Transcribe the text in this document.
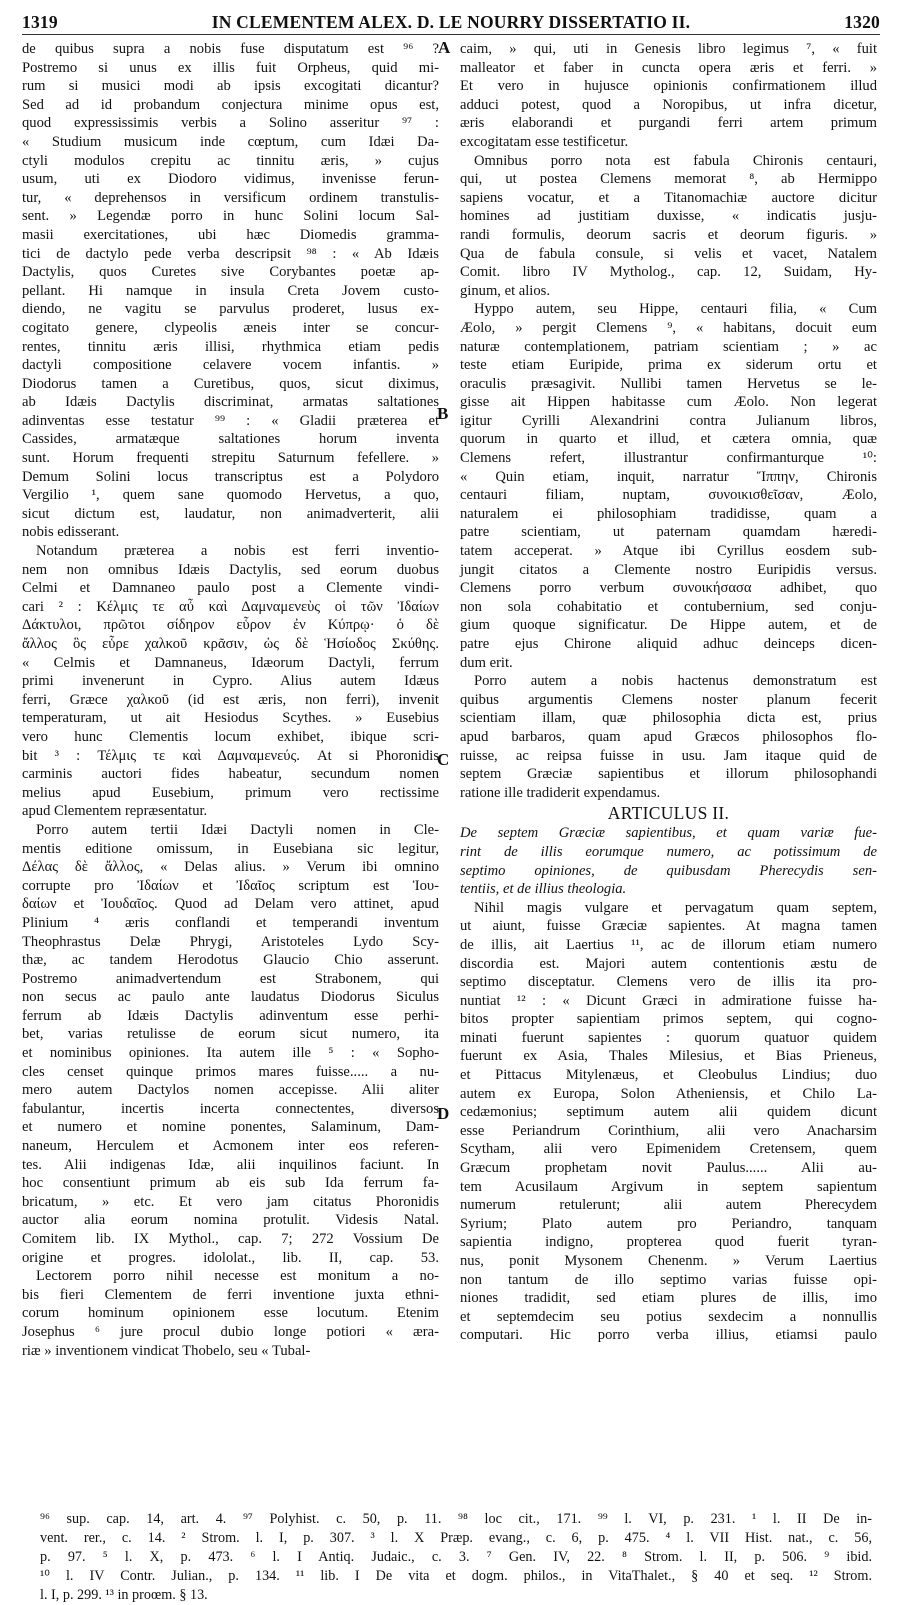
1319	IN CLEMENTEM ALEX. D. LE NOURRY DISSERTATIO II.	1320
de quibus supra a nobis fuse disputatum est ⁹⁶ ?
Postremo si unus ex illis fuit Orpheus, quid mi-
rum si musici modi ab ipsis excogitati dicantur?
Sed ad id probandum conjectura minime opus est,
quod expressissimis verbis a Solino asseritur ⁹⁷ :
« Studium musicum inde cœptum, cum Idæi Da-
ctyli modulos crepitu ac tinnitu æris, » cujus
usum, uti ex Diodoro vidimus, invenisse ferun-
tur, « deprehensos in versificum ordinem transtulis-
sent. » Legendæ porro in hunc Solini locum Sal-
masii exercitationes, ubi hæc Diomedis gramma-
tici de dactylo pede verba descripsit ⁹⁸ : « Ab Idæis
Dactylis, quos Curetes sive Corybantes poetæ ap-
pellant. Hi namque in insula Creta Jovem custo-
diendo, ne vagitu se parvulus proderet, lusus ex-
cogitato genere, clypeolis æneis inter se concur-
rentes, tinnitu æris illisi, rhythmica etiam pedis
dactyli compositione celavere vocem infantis. »
Diodorus tamen a Curetibus, quos, sicut diximus,
ab Idæis Dactylis discriminat, armatas saltationes
adinventas esse testatur ⁹⁹ : « Gladii præterea et
Cassides, armatæque saltationes horum inventa
sunt. Horum frequenti strepitu Saturnum fefellere. »
Demum Solini locus transcriptus est a Polydoro
Vergilio ¹, quem sane quomodo Hervetus, a quo,
sicut dictum est, laudatur, non animadverterit, alii
nobis edisserant.
Notandum præterea a nobis est ferri inventio-
nem non omnibus Idæis Dactylis, sed eorum duobus
Celmi et Damnaneo paulo post a Clemente vindi-
cari ² : Κέλμις τε αὖ καὶ Δαμναμενεὺς οἱ τῶν Ἰδαίων
Δάκτυλοι, πρῶτοι σίδηρον εὗρον ἐν Κύπρῳ· ὁ δὲ
ἄλλος ὃς εὗρε χαλκοῦ κρᾶσιν, ὡς δὲ Ἡσίοδος Σκύθης.
« Celmis et Damnaneus, Idæorum Dactyli, ferrum
primi invenerunt in Cypro. Alius autem Idæus
ferri, Græce χαλκοῦ (id est æris, non ferri), invenit
temperaturam, ut ait Hesiodus Scythes. » Eusebius
vero hunc Clementis locum exhibet, ibique scri-
bit ³ : Τέλμις τε καὶ Δαμναμενεύς. At si Phoronidis
carminis auctori fides habeatur, secundum nomen
melius apud Eusebium, primum vero rectissime
apud Clementem repræsentatur.
Porro autem tertii Idæi Dactyli nomen in Cle-
mentis editione omissum, in Eusebiana sic legitur,
Δέλας δὲ ἄλλος, « Delas alius. » Verum ibi omnino
corrupte pro Ἰδαίων et Ἰδαῖος scriptum est Ἰου-
δαίων et Ἰουδαῖος. Quod ad Delam vero attinet, apud
Plinium ⁴ æris conflandi et temperandi inventum
Theophrastus Delæ Phrygi, Aristoteles Lydo Scy-
thæ, ac tandem Herodotus Glaucio Chio asserunt.
Postremo animadvertendum est Strabonem, qui
non secus ac paulo ante laudatus Diodorus Siculus
ferrum ab Idæis Dactylis adinventum esse perhi-
bet, varias retulisse de eorum sicut numero, ita
et nominibus opiniones. Ita autem ille ⁵ : « Sopho-
cles censet quinque primos mares fuisse..... a nu-
mero autem Dactylos nomen accepisse. Alii aliter
fabulantur, incertis incerta connectentes, diversos
et numero et nomine ponentes, Salaminum, Dam-
naneum, Herculem et Acmonem inter eos referen-
tes. Alii indigenas Idæ, alii inquilinos faciunt. In
hoc consentiunt primum ab eis sub Ida ferrum fa-
bricatum, » etc. Et vero jam citatus Phoronidis
auctor alia eorum nomina protulit. Videsis Natal.
Comitem lib. IX Mythol., cap. 7; 272 Vossium De
origine et progres. idololat., lib. II, cap. 53.
Lectorem porro nihil necesse est monitum a no-
bis fieri Clementem de ferri inventione juxta ethni-
corum hominum opinionem esse locutum. Etenim
Josephus ⁶ jure procul dubio longe potiori « æra-
riæ » inventionem vindicat Thobelo, seu « Tubal-
caim, » qui, uti in Genesis libro legimus ⁷, « fuit
malleator et faber in cuncta opera æris et ferri. »
Et vero in hujusce opinionis confirmationem illud
adduci potest, quod a Noropibus, ut infra dicetur,
æris elaborandi et purgandi ferri artem primum
excogitatam esse testificetur.
Omnibus porro nota est fabula Chironis centauri,
qui, ut postea Clemens memorat ⁸, ab Hermippo
sapiens vocatur, et a Titanomachiæ auctore dicitur
homines ad justitiam duxisse, « indicatis jusju-
randi formulis, deorum sacris et deorum figuris. »
Qua de fabula consule, si velis et vacet, Natalem
Comit. libro IV Mytholog., cap. 12, Suidam, Hy-
ginum, et alios.
Hyppo autem, seu Hippe, centauri filia, « Cum
Æolo, » pergit Clemens ⁹, « habitans, docuit eum
naturæ contemplationem, patriam scientiam ; » ac
teste etiam Euripide, prima ex siderum ortu et
oraculis præsagivit. Nullibi tamen Hervetus se le-
gisse ait Hippen habitasse cum Æolo. Non legerat
igitur Cyrilli Alexandrini contra Julianum libros,
quorum in quarto et illud, et cætera omnia, quæ
Clemens refert, illustrantur confirmanturque ¹⁰:
« Quin etiam, inquit, narratur Ἵππην, Chironis
centauri filiam, nuptam, συνοικισθεῖσαν, Æolo,
naturalem ei philosophiam tradidisse, quam a
patre scientiam, ut paternam quamdam hæredi-
tatem acceperat. » Atque ibi Cyrillus eosdem sub-
jungit citatos a Clemente nostro Euripidis versus.
Clemens porro verbum συνοικήσασα adhibet, quo
non sola cohabitatio et contubernium, sed conju-
gium quoque significatur. De Hippe autem, et de
patre ejus Chirone aliquid adhuc deinceps dicen-
dum erit.
Porro autem a nobis hactenus demonstratum est
quibus argumentis Clemens noster planum fecerit
scientiam illam, quæ philosophia dicta est, prius
apud barbaros, quam apud Græcos philosophos flo-
ruisse, ac reipsa fuisse in usu. Jam itaque quid de
septem Græciæ sapientibus et illorum philosophandi
ratione ille tradiderit expendamus.
ARTICULUS II.
De septem Græciæ sapientibus, et quam variæ fue-
rint de illis eorumque numero, ac potissimum de
septimo opiniones, de quibusdam Pherecydis sen-
tentiis, et de illius theologia.
Nihil magis vulgare et pervagatum quam septem,
ut aiunt, fuisse Græciæ sapientes. At magna tamen
de illis, ait Laertius ¹¹, ac de illorum etiam numero
discordia est. Majori autem contentionis æstu de
septimo disceptatur. Clemens vero de illis ita pro-
nuntiat ¹² : « Dicunt Græci in admiratione fuisse ha-
bitos propter sapientiam primos septem, qui cogno-
minati fuerunt sapientes : quorum quatuor quidem
fuerunt ex Asia, Thales Milesius, et Bias Prieneus,
et Pittacus Mitylenæus, et Cleobulus Lindius; duo
autem ex Europa, Solon Atheniensis, et Chilo La-
cedæmonius; septimum autem alii quidem dicunt
esse Periandrum Corinthium, alii vero Anacharsim
Scytham, alii vero Epimenidem Cretensem, quem
Græcum prophetam novit Paulus...... Alii au-
tem Acusilaum Argivum in septem sapientum
numerum retulerunt; alii autem Pherecydem
Syrium; Plato autem pro Periandro, tanquam
sapientia indigno, propterea quod fuerit tyran-
nus, ponit Mysonem Chenenm. » Verum Laertius
non tantum de illo septimo varias fuisse opi-
niones tradidit, sed etiam plures de illis, imo
et septemdecim seu potius sexdecim a nonnullis
computari. Hic porro verba illius, etiamsi paulo
A
B
C
D
⁹⁶ sup. cap. 14, art. 4. ⁹⁷ Polyhist. c. 50, p. 11. ⁹⁸ loc cit., 171. ⁹⁹ l. VI, p. 231. ¹ l. II De in-
vent. rer., c. 14. ² Strom. l. I, p. 307. ³ l. X Præp. evang., c. 6, p. 475. ⁴ l. VII Hist. nat., c. 56,
p. 97. ⁵ l. X, p. 473. ⁶ l. I Antiq. Judaic., c. 3. ⁷ Gen. IV, 22. ⁸ Strom. l. II, p. 506. ⁹ ibid.
¹⁰ l. IV Contr. Julian., p. 134. ¹¹ lib. I De vita et dogm. philos., in VitaThalet., § 40 et seq. ¹² Strom.
l. I, p. 299. ¹³ in proœm. § 13.
